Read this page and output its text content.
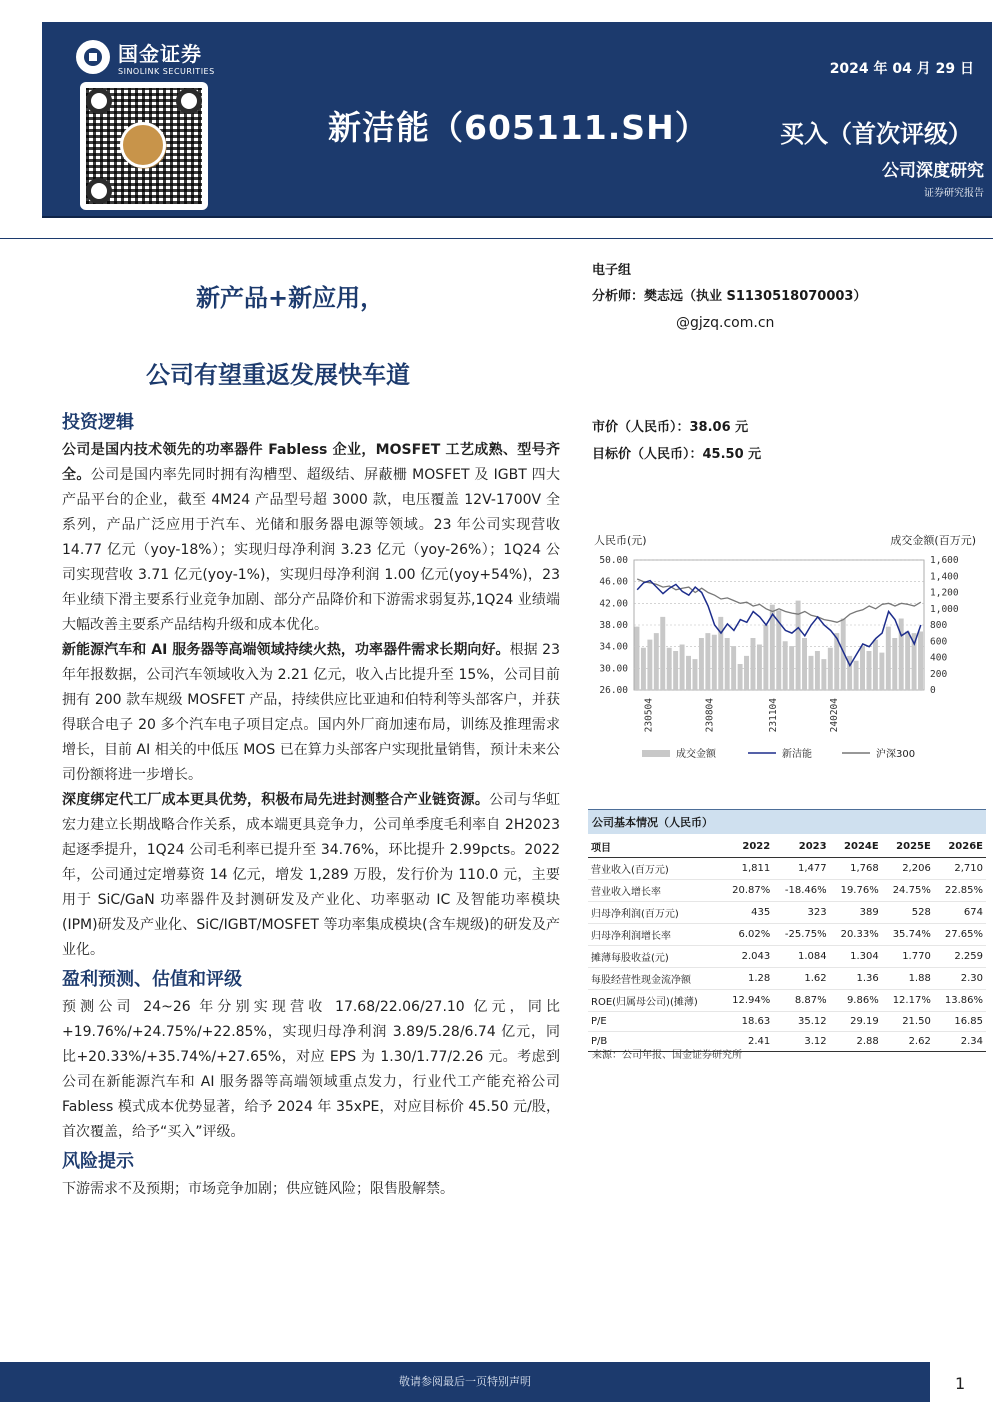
国金证券
SINOLINK SECURITIES	2024 年 04 月 29 日
新洁能（605111.SH）	买入（首次评级）
公司深度研究
证券研究报告
新产品+新应用，
公司有望重返发展快车道
投资逻辑

公司是国内技术领先的功率器件 Fabless 企业，MOSFET 工艺成熟、型号齐全。公司是国内率先同时拥有沟槽型、超级结、屏蔽栅 MOSFET 及 IGBT 四大产品平台的企业，截至 4M24 产品型号超 3000 款，电压覆盖 12V-1700V 全系列，产品广泛应用于汽车、光储和服务器电源等领域。23 年公司实现营收 14.77 亿元（yoy-18%）；实现归母净利润 3.23 亿元（yoy-26%）；1Q24 公司实现营收 3.71 亿元(yoy-1%)，实现归母净利润 1.00 亿元(yoy+54%)，23 年业绩下滑主要系行业竞争加剧、部分产品降价和下游需求弱复苏,1Q24 业绩端大幅改善主要系产品结构升级和成本优化。

新能源汽车和 AI 服务器等高端领域持续火热，功率器件需求长期向好。根据 23 年年报数据，公司汽车领域收入为 2.21 亿元，收入占比提升至 15%，公司目前拥有 200 款车规级 MOSFET 产品，持续供应比亚迪和伯特利等头部客户，并获得联合电子 20 多个汽车电子项目定点。国内外厂商加速布局，训练及推理需求增长，目前 AI 相关的中低压 MOS 已在算力头部客户实现批量销售，预计未来公司份额将进一步增长。

深度绑定代工厂成本更具优势，积极布局先进封测整合产业链资源。公司与华虹宏力建立长期战略合作关系，成本端更具竞争力，公司单季度毛利率自 2H2023 起逐季提升，1Q24 公司毛利率已提升至 34.76%，环比提升 2.99pcts。2022 年，公司通过定增募资 14 亿元，增发 1,289 万股，发行价为 110.0 元，主要用于 SiC/GaN 功率器件及封测研发及产业化、功率驱动 IC 及智能功率模块(IPM)研发及产业化、SiC/IGBT/MOSFET 等功率集成模块(含车规级)的研发及产业化。

盈利预测、估值和评级

预测公司 24~26 年分别实现营收 17.68/22.06/27.10 亿元，同比+19.76%/+24.75%/+22.85%，实现归母净利润 3.89/5.28/6.74 亿元，同比+20.33%/+35.74%/+27.65%，对应 EPS 为 1.30/1.77/2.26 元。考虑到公司在新能源汽车和 AI 服务器等高端领域重点发力，行业代工产能充裕公司 Fabless 模式成本优势显著，给予 2024 年 35xPE，对应目标价 45.50 元/股，首次覆盖，给予“买入”评级。

风险提示

下游需求不及预期；市场竞争加剧；供应链风险；限售股解禁。

电子组
分析师：樊志远（执业 S1130518070003）
@gjzq.com.cn
市价（人民币）：38.06 元
目标价（人民币）：45.50 元
人民币(元)	成交金额(百万元)
50.00
46.00
42.00
38.00
34.00
30.00
26.00
1,600
1,400
1,200
1,000
800
600
400
200
0
230504	230804	231104	240204
成交金额	新洁能	沪深300
公司基本情况（人民币）
项目	2022	2023	2024E	2025E	2026E
营业收入(百万元)	1,811	1,477	1,768	2,206	2,710
营业收入增长率	20.87%	-18.46%	19.76%	24.75%	22.85%
归母净利润(百万元)	435	323	389	528	674
归母净利润增长率	6.02%	-25.75%	20.33%	35.74%	27.65%
摊薄每股收益(元)	2.043	1.084	1.304	1.770	2.259
每股经营性现金流净额	1.28	1.62	1.36	1.88	2.30
ROE(归属母公司)(摊薄)	12.94%	8.87%	9.86%	12.17%	13.86%
P/E	18.63	35.12	29.19	21.50	16.85
P/B	2.41	3.12	2.88	2.62	2.34
来源：公司年报、国金证券研究所
敬请参阅最后一页特别声明	1
